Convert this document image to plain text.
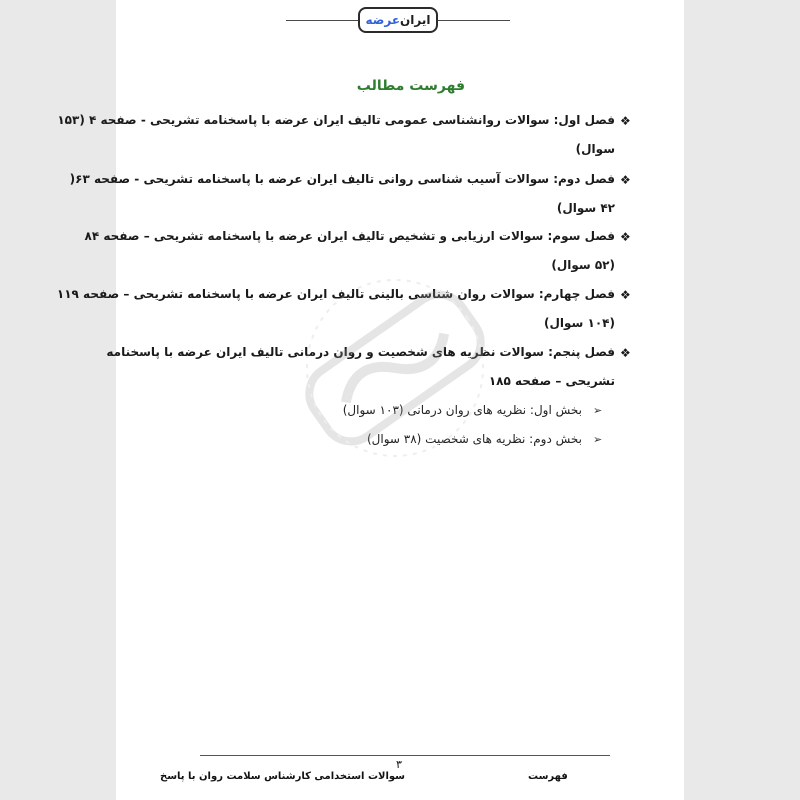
ایران
عرضه
فهرست مطالب
❖
فصل اول: سوالات روانشناسی عمومی تالیف ایران عرضه با پاسخنامه تشریحی - صفحه ۴ (۱۵۳
سوال)
❖
فصل دوم: سوالات آسیب شناسی روانی تالیف ایران عرضه با پاسخنامه تشریحی - صفحه ۶۳(
۴۲ سوال)
❖
فصل سوم: سوالات ارزیابی و تشخیص تالیف ایران عرضه با پاسخنامه تشریحی – صفحه ۸۴
(۵۲ سوال)
❖
فصل چهارم: سوالات روان شناسی بالینی تالیف ایران عرضه با پاسخنامه تشریحی – صفحه ۱۱۹
(۱۰۴ سوال)
❖
فصل پنجم: سوالات نظریه های شخصیت و روان درمانی تالیف ایران عرضه با پاسخنامه
تشریحی – صفحه ۱۸۵
➢
بخش اول: نظریه های روان درمانی (۱۰۳ سوال)
➢
بخش دوم: نظریه های شخصیت (۳۸ سوال)
۳
سوالات استخدامی کارشناس سلامت روان با پاسخ	فهرست
